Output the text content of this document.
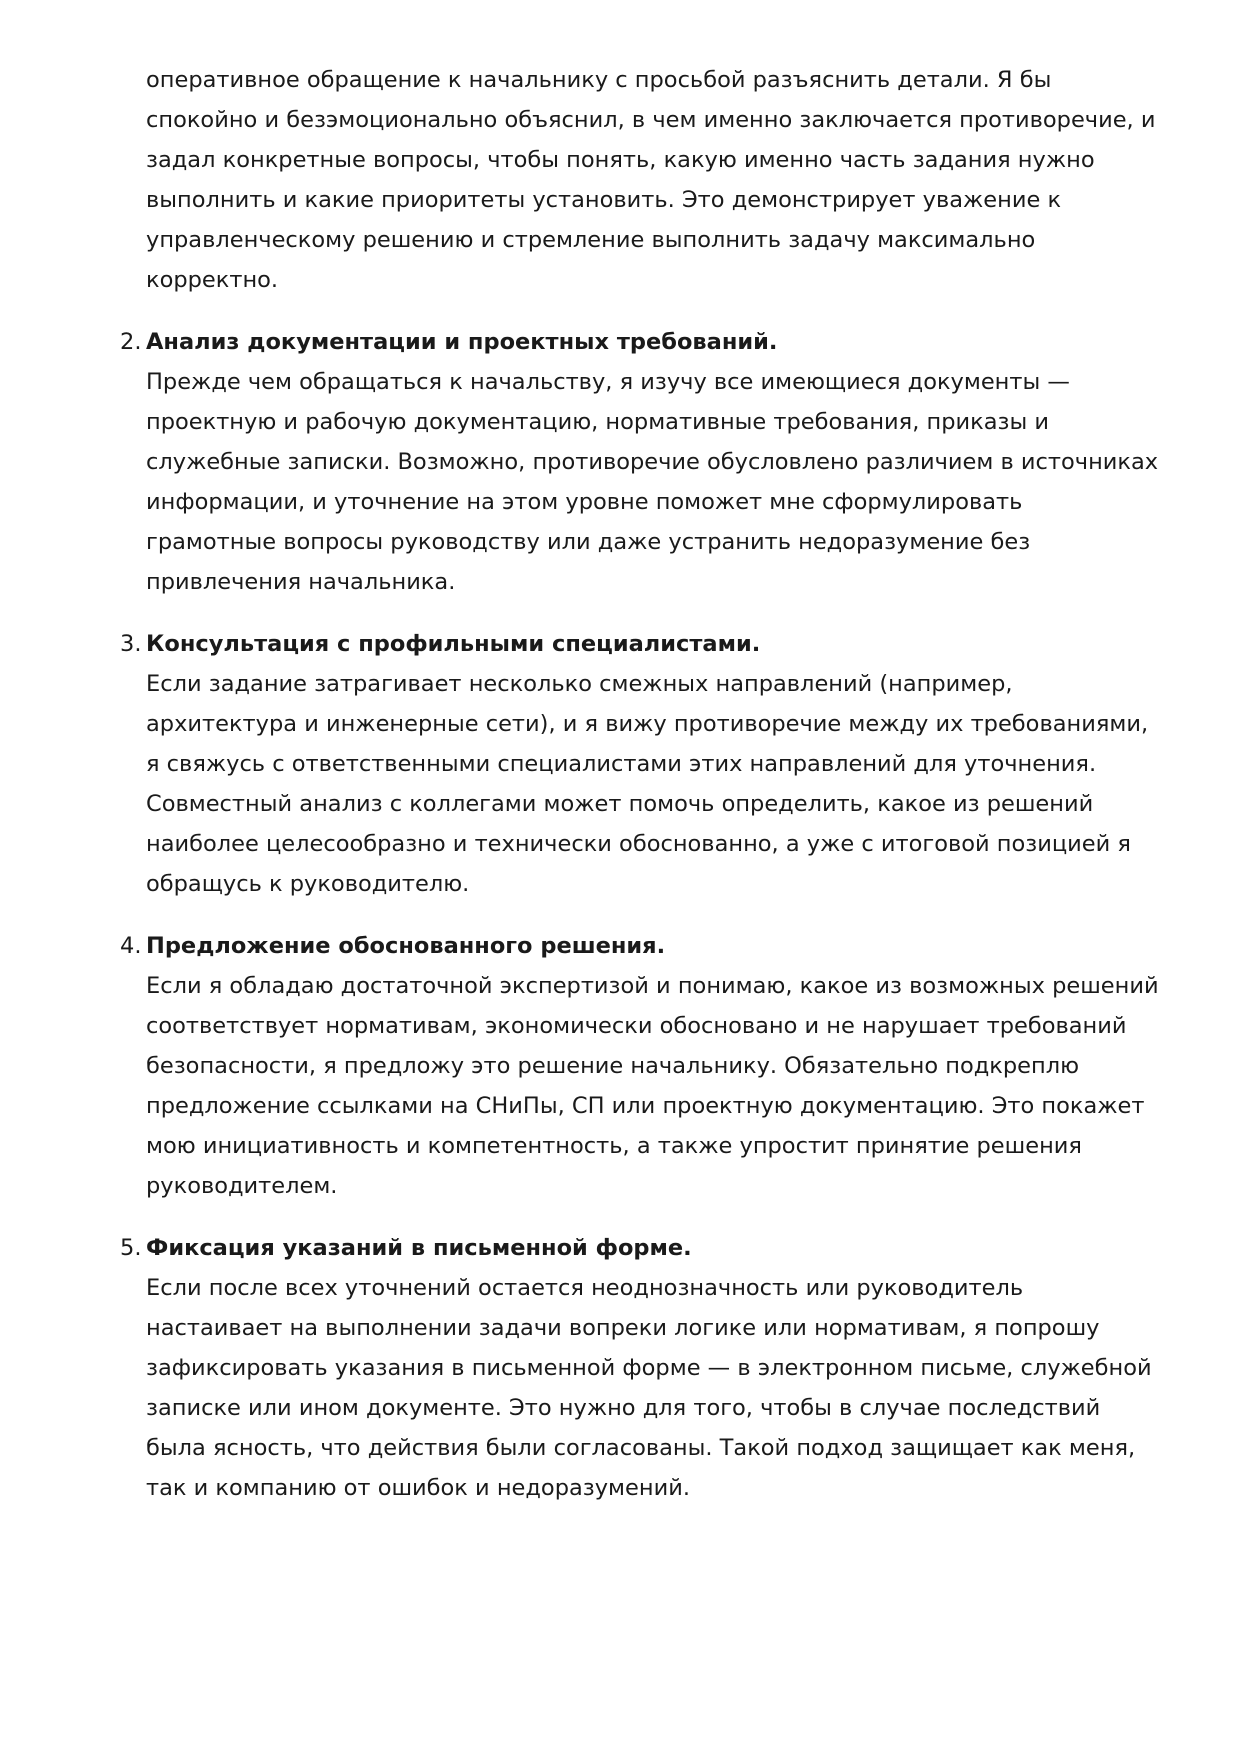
оперативное обращение к начальнику с просьбой разъяснить детали. Я бы спокойно и безэмоционально объяснил, в чем именно заключается противоречие, и задал конкретные вопросы, чтобы понять, какую именно часть задания нужно выполнить и какие приоритеты установить. Это демонстрирует уважение к управленческому решению и стремление выполнить задачу максимально корректно.

2. Анализ документации и проектных требований.

Прежде чем обращаться к начальству, я изучу все имеющиеся документы — проектную и рабочую документацию, нормативные требования, приказы и служебные записки. Возможно, противоречие обусловлено различием в источниках информации, и уточнение на этом уровне поможет мне сформулировать грамотные вопросы руководству или даже устранить недоразумение без привлечения начальника.

3. Консультация с профильными специалистами.

Если задание затрагивает несколько смежных направлений (например, архитектура и инженерные сети), и я вижу противоречие между их требованиями, я свяжусь с ответственными специалистами этих направлений для уточнения. Совместный анализ с коллегами может помочь определить, какое из решений наиболее целесообразно и технически обоснованно, а уже с итоговой позицией я обращусь к руководителю.

4. Предложение обоснованного решения.

Если я обладаю достаточной экспертизой и понимаю, какое из возможных решений соответствует нормативам, экономически обосновано и не нарушает требований безопасности, я предложу это решение начальнику. Обязательно подкреплю предложение ссылками на СНиПы, СП или проектную документацию. Это покажет мою инициативность и компетентность, а также упростит принятие решения руководителем.

5. Фиксация указаний в письменной форме.

Если после всех уточнений остается неоднозначность или руководитель настаивает на выполнении задачи вопреки логике или нормативам, я попрошу зафиксировать указания в письменной форме — в электронном письме, служебной записке или ином документе. Это нужно для того, чтобы в случае последствий была ясность, что действия были согласованы. Такой подход защищает как меня, так и компанию от ошибок и недоразумений.
